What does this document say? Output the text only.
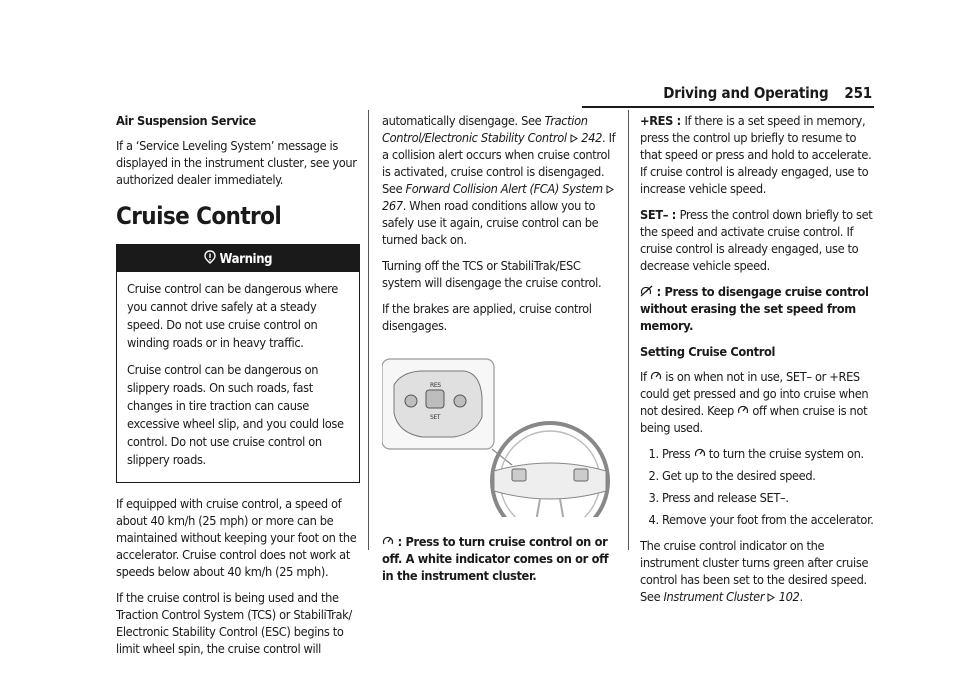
Driving and Operating 251

Air Suspension Service

If a ‘Service Leveling System’ message is displayed in the instrument cluster, see your authorized dealer immediately.

Cruise Control

Warning

Cruise control can be dangerous where you cannot drive safely at a steady speed. Do not use cruise control on winding roads or in heavy traffic.

Cruise control can be dangerous on slippery roads. On such roads, fast changes in tire traction can cause excessive wheel slip, and you could lose control. Do not use cruise control on slippery roads.

If equipped with cruise control, a speed of about 40 km/h (25 mph) or more can be maintained without keeping your foot on the accelerator. Cruise control does not work at speeds below about 40 km/h (25 mph).

If the cruise control is being used and the Traction Control System (TCS) or StabiliTrak/ Electronic Stability Control (ESC) begins to limit wheel spin, the cruise control will

automatically disengage. See Traction Control/Electronic Stability Control 242. If a collision alert occurs when cruise control is activated, cruise control is disengaged. See Forward Collision Alert (FCA) System  267. When road conditions allow you to safely use it again, cruise control can be turned back on.

Turning off the TCS or StabiliTrak/ESC system will disengage the cruise control.

If the brakes are applied, cruise control disengages.

RES
SET

: Press to turn cruise control on or off. A white indicator comes on or off in the instrument cluster.

+RES : If there is a set speed in memory, press the control up briefly to resume to that speed or press and hold to accelerate. If cruise control is already engaged, use to increase vehicle speed.

SET– : Press the control down briefly to set the speed and activate cruise control. If cruise control is already engaged, use to decrease vehicle speed.

: Press to disengage cruise control without erasing the set speed from memory.

Setting Cruise Control

If  is on when not in use, SET– or +RES could get pressed and go into cruise when not desired. Keep  off when cruise is not being used.

1. Press  to turn the cruise system on.
2. Get up to the desired speed.
3. Press and release SET–.
4. Remove your foot from the accelerator.

The cruise control indicator on the instrument cluster turns green after cruise control has been set to the desired speed. See Instrument Cluster 102.
